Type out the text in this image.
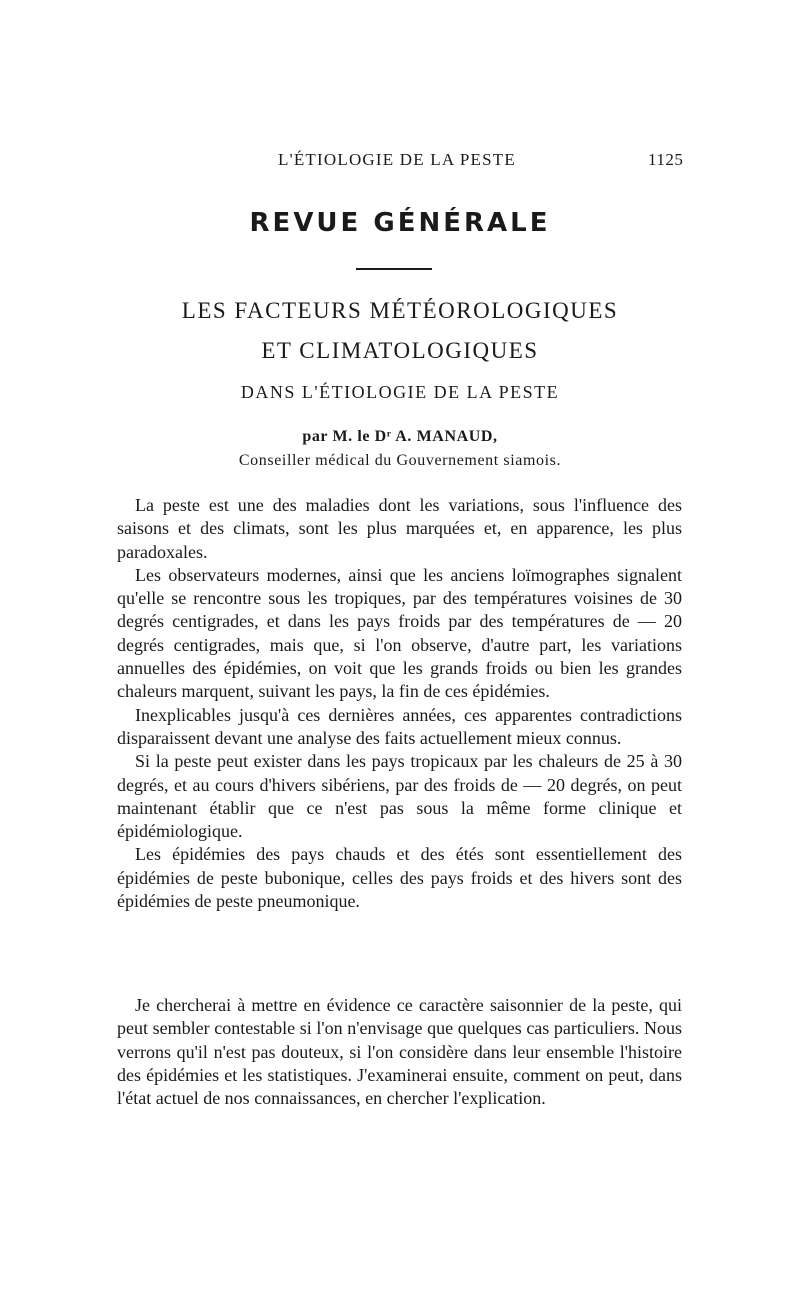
L'ÉTIOLOGIE DE LA PESTE	1125
REVUE GÉNÉRALE
LES FACTEURS MÉTÉOROLOGIQUES
ET CLIMATOLOGIQUES
DANS L'ÉTIOLOGIE DE LA PESTE
par M. le Dʳ A. MANAUD,
Conseiller médical du Gouvernement siamois.

La peste est une des maladies dont les variations, sous l'influence des saisons et des climats, sont les plus marquées et, en apparence, les plus paradoxales.

Les observateurs modernes, ainsi que les anciens loïmographes signalent qu'elle se rencontre sous les tropiques, par des températures voisines de 30 degrés centigrades, et dans les pays froids par des températures de — 20 degrés centigrades, mais que, si l'on observe, d'autre part, les variations annuelles des épidémies, on voit que les grands froids ou bien les grandes chaleurs marquent, suivant les pays, la fin de ces épidémies.

Inexplicables jusqu'à ces dernières années, ces apparentes contradictions disparaissent devant une analyse des faits actuellement mieux connus.

Si la peste peut exister dans les pays tropicaux par les chaleurs de 25 à 30 degrés, et au cours d'hivers sibériens, par des froids de — 20 degrés, on peut maintenant établir que ce n'est pas sous la même forme clinique et épidémiologique.

Les épidémies des pays chauds et des étés sont essentiellement des épidémies de peste bubonique, celles des pays froids et des hivers sont des épidémies de peste pneumonique.

Je chercherai à mettre en évidence ce caractère saisonnier de la peste, qui peut sembler contestable si l'on n'envisage que quelques cas particuliers. Nous verrons qu'il n'est pas douteux, si l'on considère dans leur ensemble l'histoire des épidémies et les statistiques. J'examinerai ensuite, comment on peut, dans l'état actuel de nos connaissances, en chercher l'explication.
